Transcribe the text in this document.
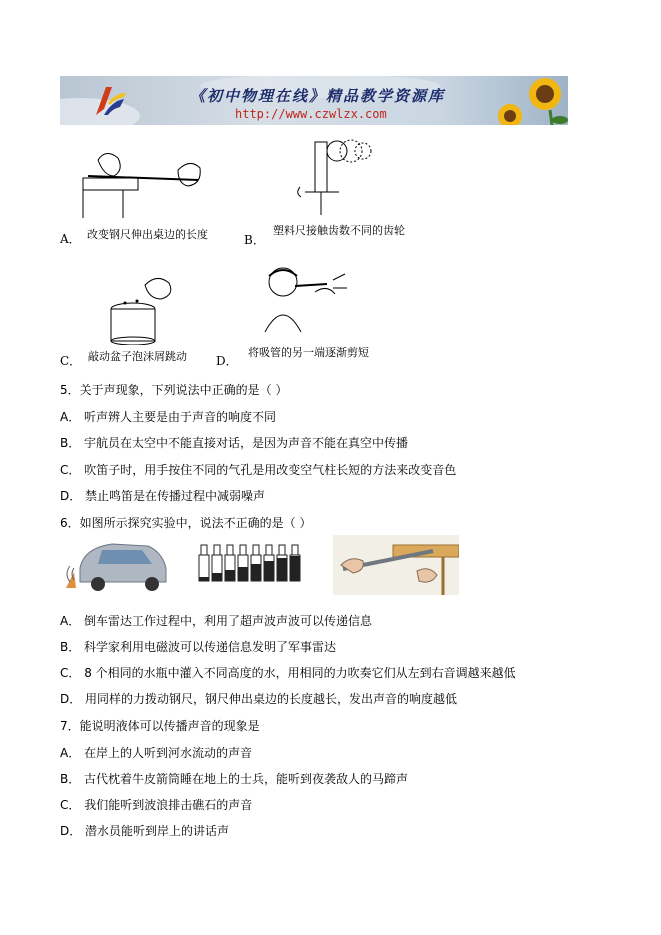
《初中物理在线》精品教学资源库
http://www.czwlzx.com
A． 改变钢尺伸出桌边的长度	B．
塑料尺接触齿数不同的齿轮
C． 敲动盆子泡沫屑跳动 D．
将吸管的另一端逐渐剪短
5．关于声现象，下列说法中正确的是（ ）
A． 听声辨人主要是由于声音的响度不同
B． 宇航员在太空中不能直接对话，是因为声音不能在真空中传播
C． 吹笛子时，用手按住不同的气孔是用改变空气柱长短的方法来改变音色
D． 禁止鸣笛是在传播过程中减弱噪声
6．如图所示探究实验中，说法不正确的是（ ）
A． 倒车雷达工作过程中，利用了超声波声波可以传递信息
B． 科学家利用电磁波可以传递信息发明了军事雷达
C． 8 个相同的水瓶中灌入不同高度的水，用相同的力吹奏它们从左到右音调越来越低
D． 用同样的力拨动钢尺，钢尺伸出桌边的长度越长，发出声音的响度越低
7．能说明液体可以传播声音的现象是
A． 在岸上的人听到河水流动的声音
B． 古代枕着牛皮箭筒睡在地上的士兵，能听到夜袭敌人的马蹄声
C． 我们能听到波浪排击礁石的声音
D． 潜水员能听到岸上的讲话声
